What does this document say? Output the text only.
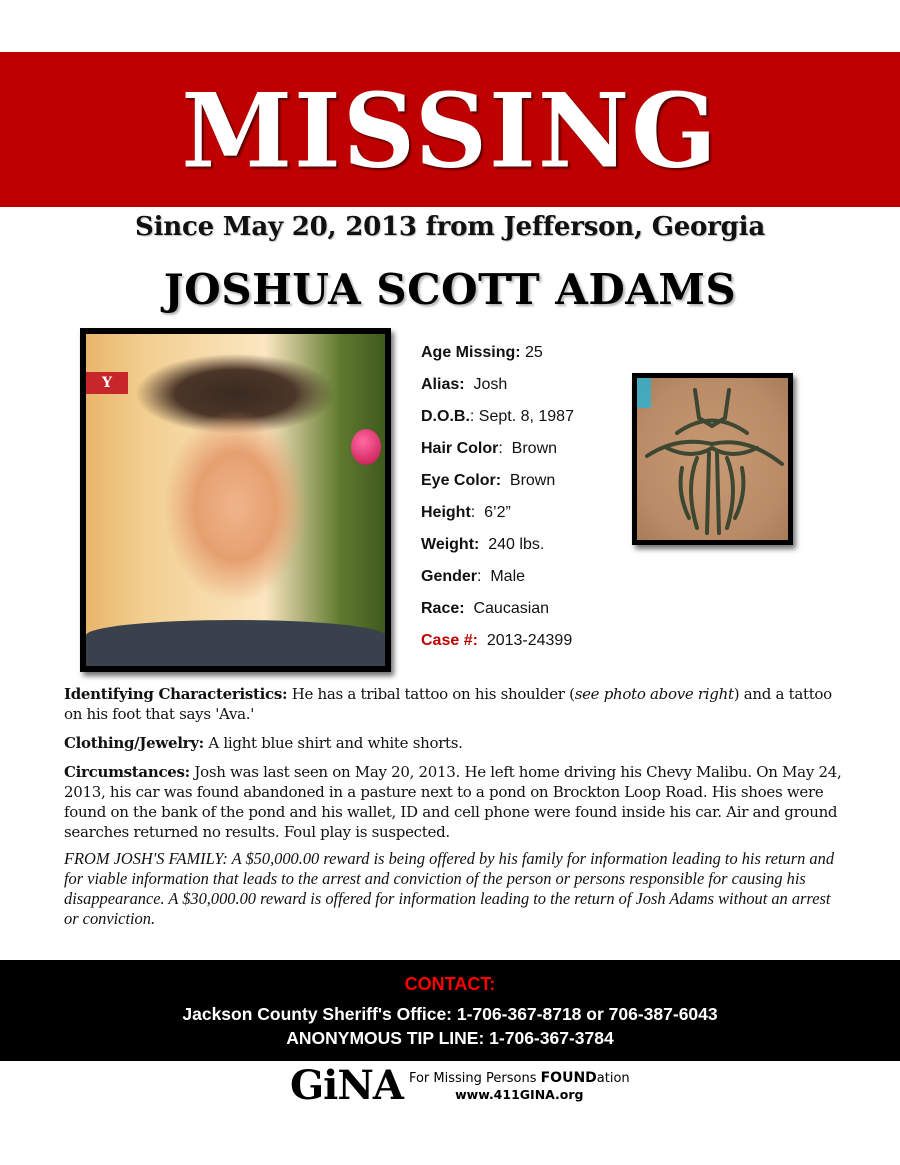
MISSING
Since May 20, 2013 from Jefferson, Georgia
JOSHUA SCOTT ADAMS
Y
Age Missing: 25
Alias:  Josh
D.O.B.: Sept. 8, 1987
Hair Color:  Brown
Eye Color:  Brown
Height:  6’2”
Weight:  240 lbs.
Gender:  Male
Race:  Caucasian
Case #:  2013-24399

Identifying Characteristics: He has a tribal tattoo on his shoulder (see photo above right) and a tattoo on his foot that says 'Ava.'

Clothing/Jewelry: A light blue shirt and white shorts.

Circumstances: Josh was last seen on May 20, 2013. He left home driving his Chevy Malibu. On May 24, 2013, his car was found abandoned in a pasture next to a pond on Brockton Loop Road. His shoes were found on the bank of the pond and his wallet, ID and cell phone were found inside his car. Air and ground searches returned no results. Foul play is suspected.

FROM JOSH'S FAMILY: A $50,000.00 reward is being offered by his family for information leading to his return and for viable information that leads to the arrest and conviction of the person or persons responsible for causing his disappearance. A $30,000.00 reward is offered for information leading to the return of Josh Adams without an arrest or conviction.

CONTACT:
Jackson County Sheriff's Office: 1-706-367-8718 or 706-387-6043
ANONYMOUS TIP LINE: 1-706-367-3784
GiNA For Missing Persons FOUNDation
www.411GINA.org
